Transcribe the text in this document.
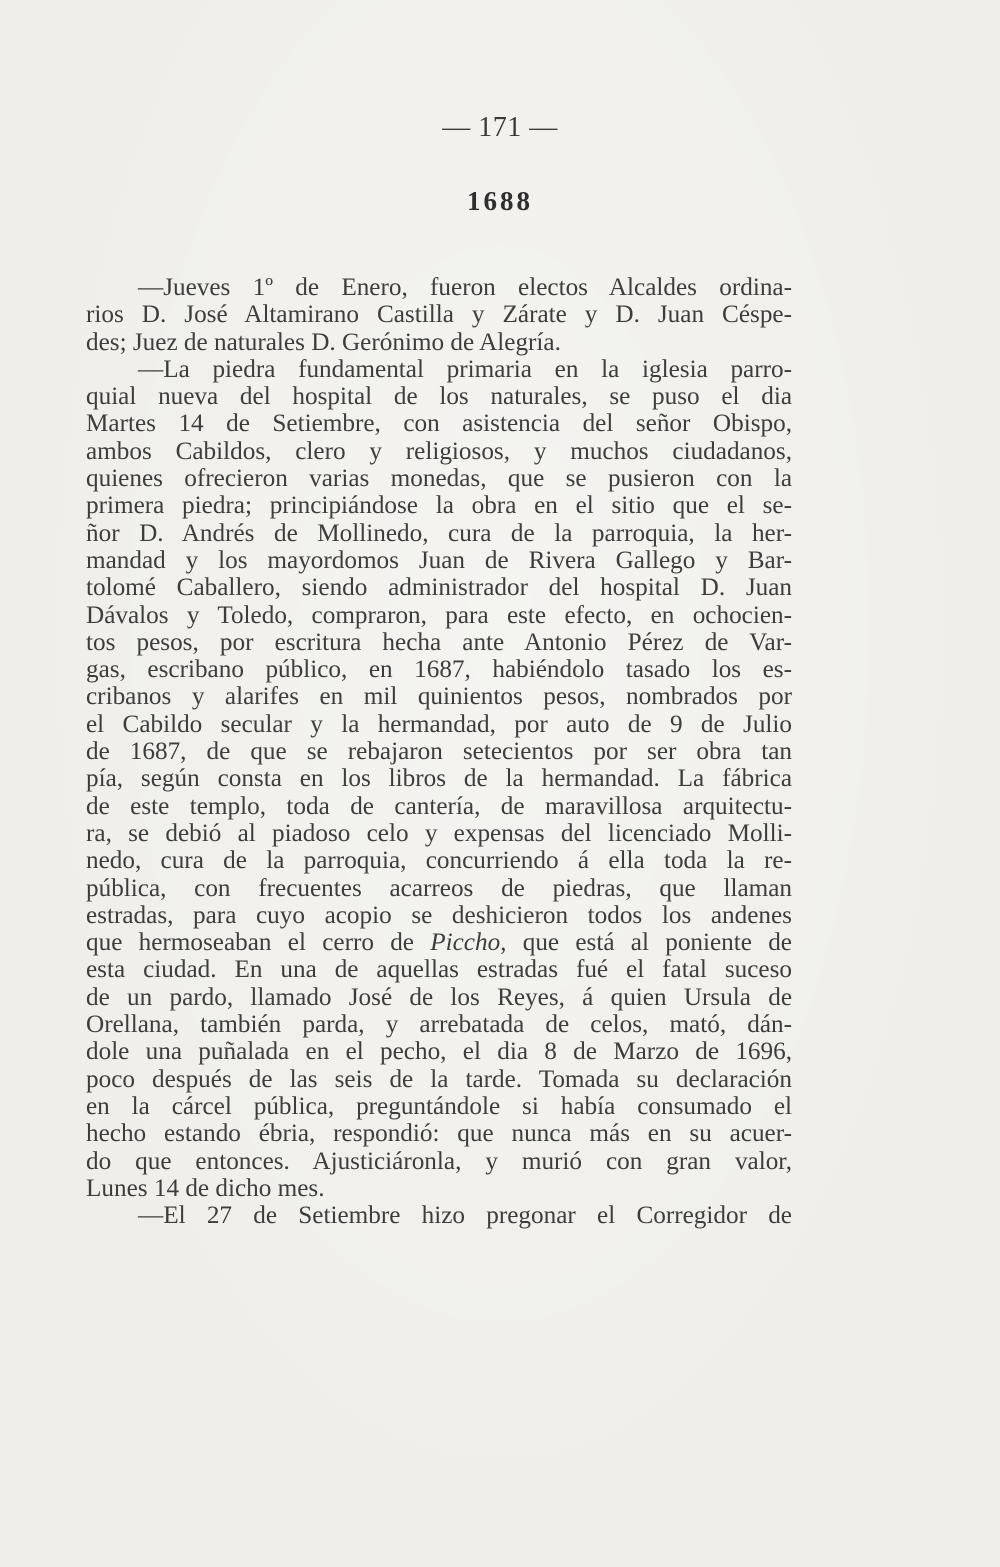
— 171 —
1688
—Jueves 1º de Enero, fueron electos Alcaldes ordina-
rios D. José Altamirano Castilla y Zárate y D. Juan Céspe-
des; Juez de naturales D. Gerónimo de Alegría.
—La piedra fundamental primaria en la iglesia parro-
quial nueva del hospital de los naturales, se puso el dia
Martes 14 de Setiembre, con asistencia del señor Obispo,
ambos Cabildos, clero y religiosos, y muchos ciudadanos,
quienes ofrecieron varias monedas, que se pusieron con la
primera piedra; principiándose la obra en el sitio que el se-
ñor D. Andrés de Mollinedo, cura de la parroquia, la her-
mandad y los mayordomos Juan de Rivera Gallego y Bar-
tolomé Caballero, siendo administrador del hospital D. Juan
Dávalos y Toledo, compraron, para este efecto, en ochocien-
tos pesos, por escritura hecha ante Antonio Pérez de Var-
gas, escribano público, en 1687, habiéndolo tasado los es-
cribanos y alarifes en mil quinientos pesos, nombrados por
el Cabildo secular y la hermandad, por auto de 9 de Julio
de 1687, de que se rebajaron setecientos por ser obra tan
pía, según consta en los libros de la hermandad. La fábrica
de este templo, toda de cantería, de maravillosa arquitectu-
ra, se debió al piadoso celo y expensas del licenciado Molli-
nedo, cura de la parroquia, concurriendo á ella toda la re-
pública, con frecuentes acarreos de piedras, que llaman
estradas, para cuyo acopio se deshicieron todos los andenes
que hermoseaban el cerro de Piccho, que está al poniente de
esta ciudad. En una de aquellas estradas fué el fatal suceso
de un pardo, llamado José de los Reyes, á quien Ursula de
Orellana, también parda, y arrebatada de celos, mató, dán-
dole una puñalada en el pecho, el dia 8 de Marzo de 1696,
poco después de las seis de la tarde. Tomada su declaración
en la cárcel pública, preguntándole si había consumado el
hecho estando ébria, respondió: que nunca más en su acuer-
do que entonces. Ajusticiáronla, y murió con gran valor,
Lunes 14 de dicho mes.
—El 27 de Setiembre hizo pregonar el Corregidor de
